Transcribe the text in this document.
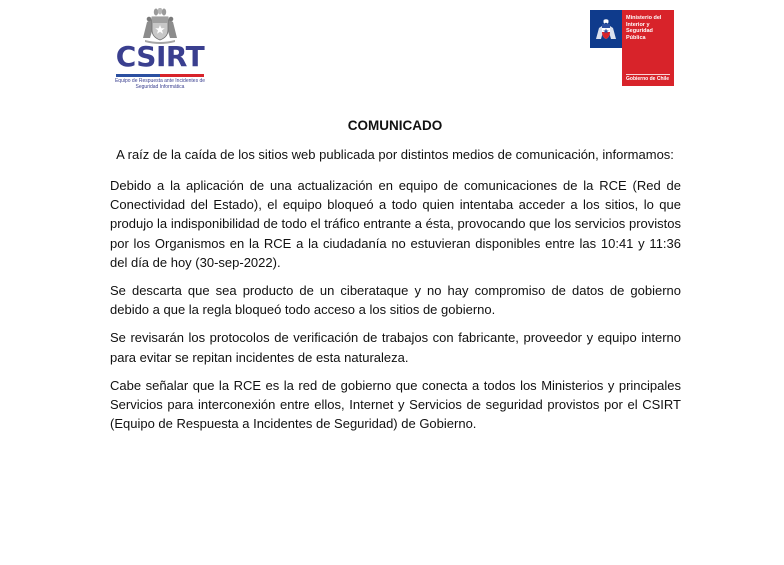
CSIRT
Equipo de Respuesta ante Incidentes de Seguridad Informática
Ministerio del
Interior y
Seguridad
Pública
Gobierno de Chile
COMUNICADO
A raíz de la caída de los sitios web publicada por distintos medios de comunicación, informamos:

Debido a la aplicación de una actualización en equipo de comunicaciones de la RCE (Red de Conectividad del Estado), el equipo bloqueó a todo quien intentaba acceder a los sitios, lo que produjo la indisponibilidad de todo el tráfico entrante a ésta, provocando que los servicios provistos por los Organismos en la RCE a la ciudadanía no estuvieran disponibles entre las 10:41 y 11:36 del día de hoy (30-sep-2022).

Se descarta que sea producto de un ciberataque y no hay compromiso de datos de gobierno debido a que la regla bloqueó todo acceso a los sitios de gobierno.

Se revisarán los protocolos de verificación de trabajos con fabricante, proveedor y equipo interno para evitar se repitan incidentes de esta naturaleza.

Cabe señalar que la RCE es la red de gobierno que conecta a todos los Ministerios y principales Servicios para interconexión entre ellos, Internet y Servicios de seguridad provistos por el CSIRT (Equipo de Respuesta a Incidentes de Seguridad) de Gobierno.
